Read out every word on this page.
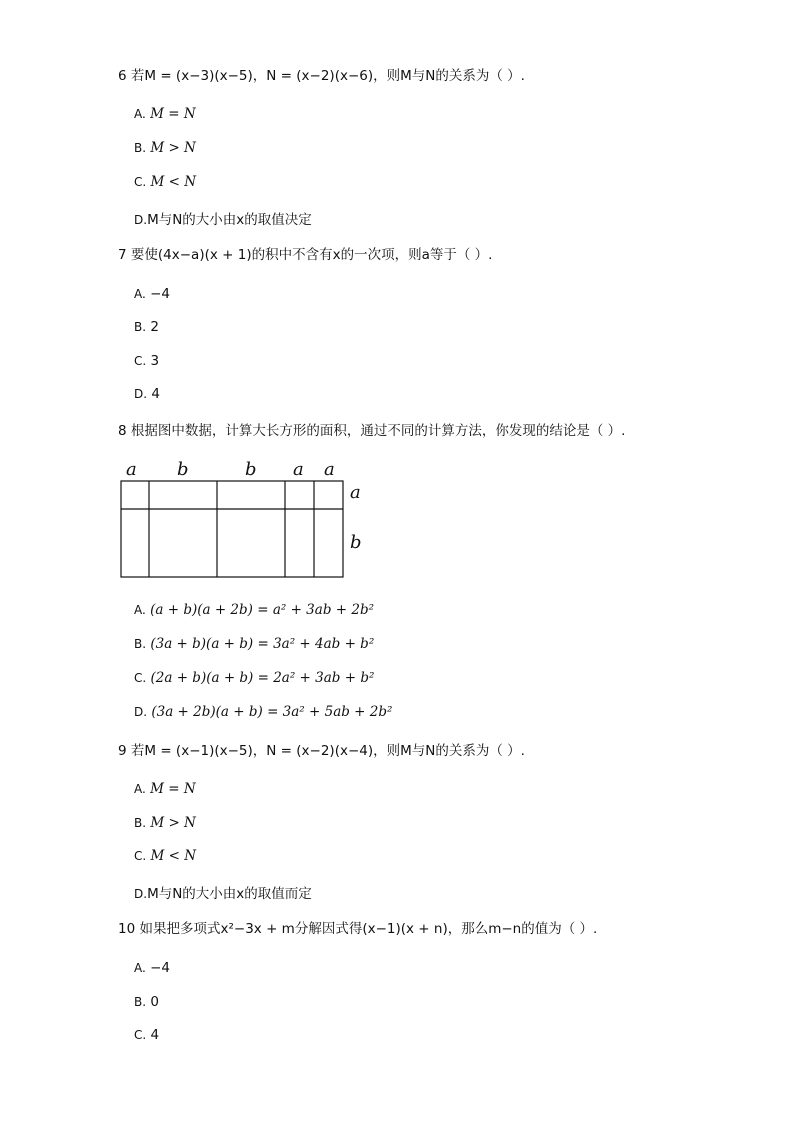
6 若M = (x−3)(x−5)，N = (x−2)(x−6)，则M与N的关系为（ ）.
A. M = N
B. M > N
C. M < N
D.M与N的大小由x的取值决定
7 要使(4x−a)(x + 1)的积中不含有x的一次项，则a等于（ ）.
A. −4
B. 2
C. 3
D. 4
8 根据图中数据，计算大长方形的面积，通过不同的计算方法，你发现的结论是（ ）.
a b	b a a
a
b
A. (a + b)(a + 2b) = a² + 3ab + 2b²
B. (3a + b)(a + b) = 3a² + 4ab + b²
C. (2a + b)(a + b) = 2a² + 3ab + b²
D. (3a + 2b)(a + b) = 3a² + 5ab + 2b²
9 若M = (x−1)(x−5)，N = (x−2)(x−4)，则M与N的关系为（ ）.
A. M = N
B. M > N
C. M < N
D.M与N的大小由x的取值而定
10 如果把多项式x²−3x + m分解因式得(x−1)(x + n)，那么m−n的值为（ ）.
A. −4
B. 0
C. 4
